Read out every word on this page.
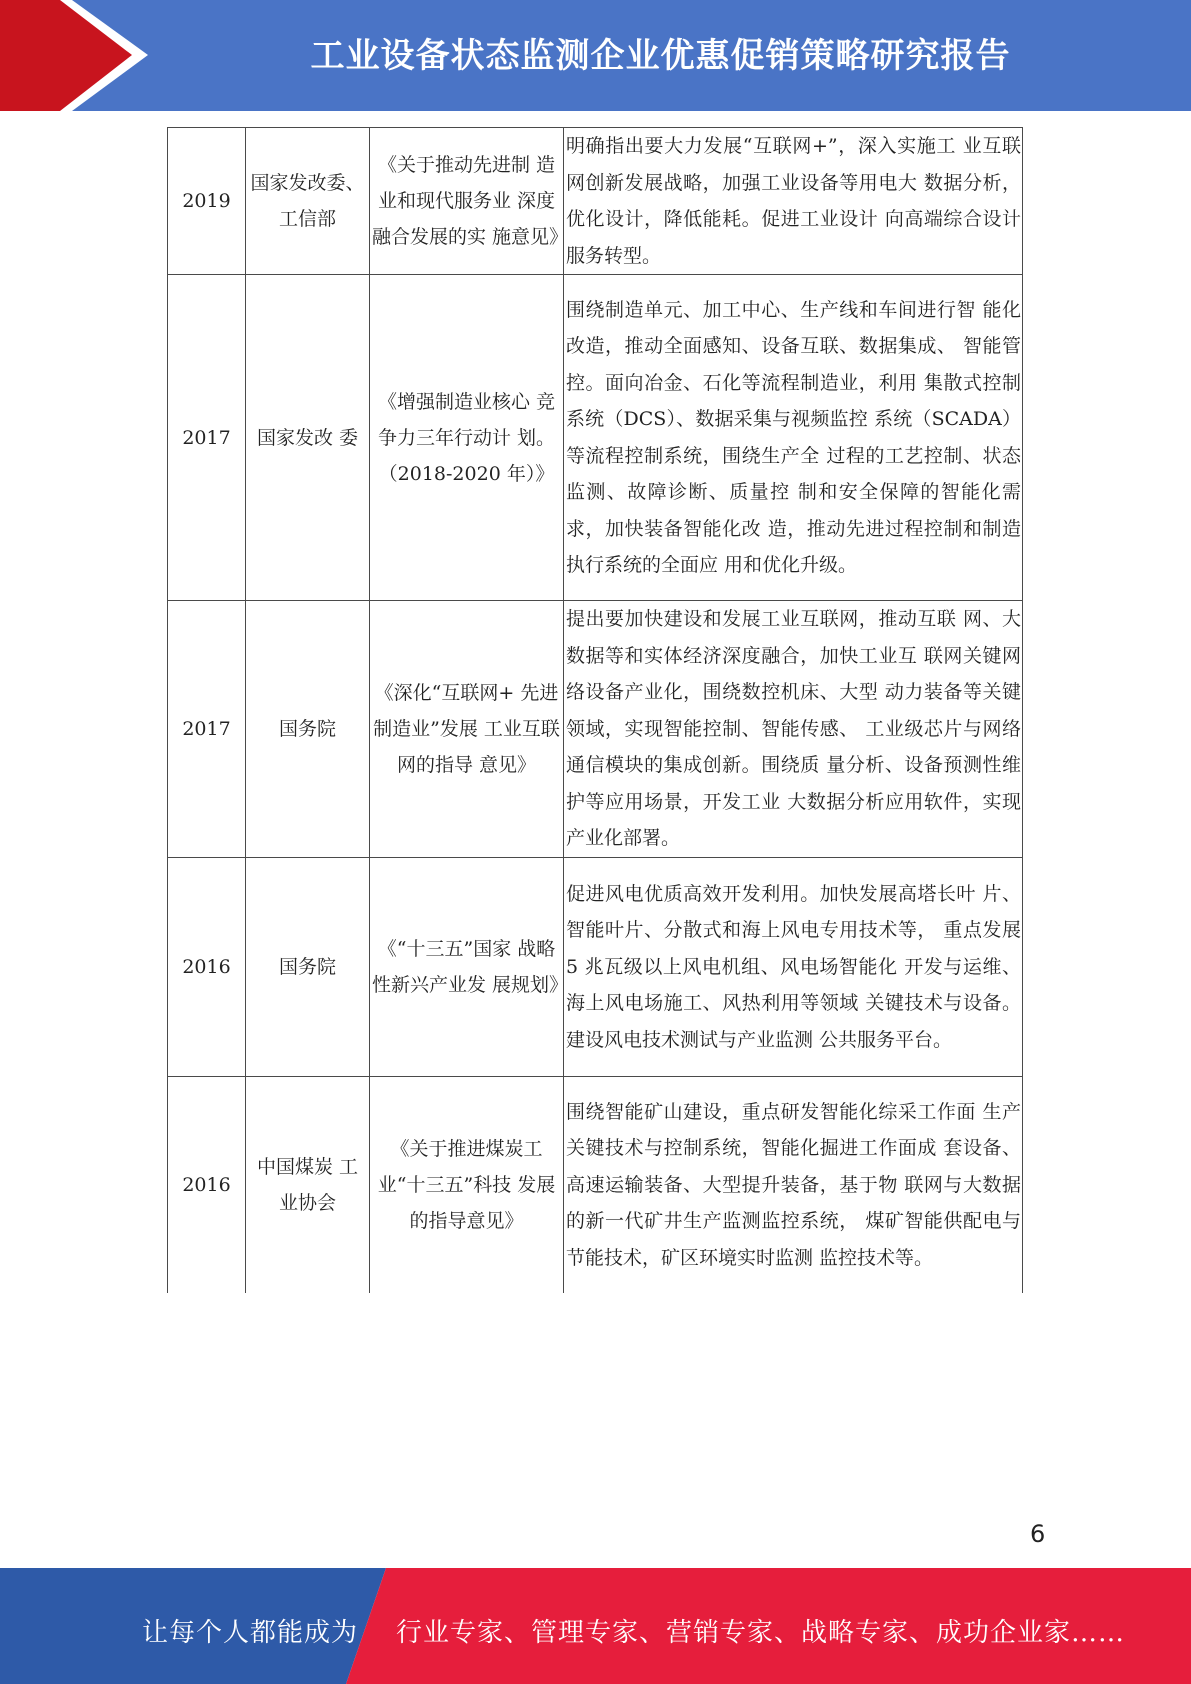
工业设备状态监测企业优惠促销策略研究报告
2019	国家发改委、工信部	《关于推动先进制 造业和现代服务业 深度融合发展的实 施意见》	明确指出要大力发展“互联网+”，深入实施工 业互联网创新发展战略，加强工业设备等用电大 数据分析，优化设计，降低能耗。促进工业设计 向高端综合设计服务转型。
2017	国家发改 委	《增强制造业核心 竞争力三年行动计 划。（2018-2020 年）》	围绕制造单元、加工中心、生产线和车间进行智 能化改造，推动全面感知、设备互联、数据集成、 智能管控。面向冶金、石化等流程制造业，利用 集散式控制系统（DCS）、数据采集与视频监控 系统（SCADA）等流程控制系统，围绕生产全 过程的工艺控制、状态监测、故障诊断、质量控 制和安全保障的智能化需求，加快装备智能化改 造，推动先进过程控制和制造执行系统的全面应 用和优化升级。
2017	国务院	《深化“互联网+ 先进制造业”发展 工业互联网的指导 意见》	提出要加快建设和发展工业互联网，推动互联 网、大数据等和实体经济深度融合，加快工业互 联网关键网络设备产业化，围绕数控机床、大型 动力装备等关键领域，实现智能控制、智能传感、 工业级芯片与网络通信模块的集成创新。围绕质 量分析、设备预测性维护等应用场景，开发工业 大数据分析应用软件，实现产业化部署。
2016	国务院	《“十三五”国家 战略性新兴产业发 展规划》	促进风电优质高效开发利用。加快发展高塔长叶 片、智能叶片、分散式和海上风电专用技术等， 重点发展 5 兆瓦级以上风电机组、风电场智能化 开发与运维、海上风电场施工、风热利用等领域 关键技术与设备。建设风电技术测试与产业监测 公共服务平台。
2016	中国煤炭 工业协会	《关于推进煤炭工 业“十三五”科技 发展的指导意见》	围绕智能矿山建设，重点研发智能化综采工作面 生产关键技术与控制系统，智能化掘进工作面成 套设备、高速运输装备、大型提升装备，基于物 联网与大数据的新一代矿井生产监测监控系统， 煤矿智能供配电与节能技术，矿区环境实时监测 监控技术等。
6
让每个人都能成为 行业专家、管理专家、营销专家、战略专家、成功企业家……
